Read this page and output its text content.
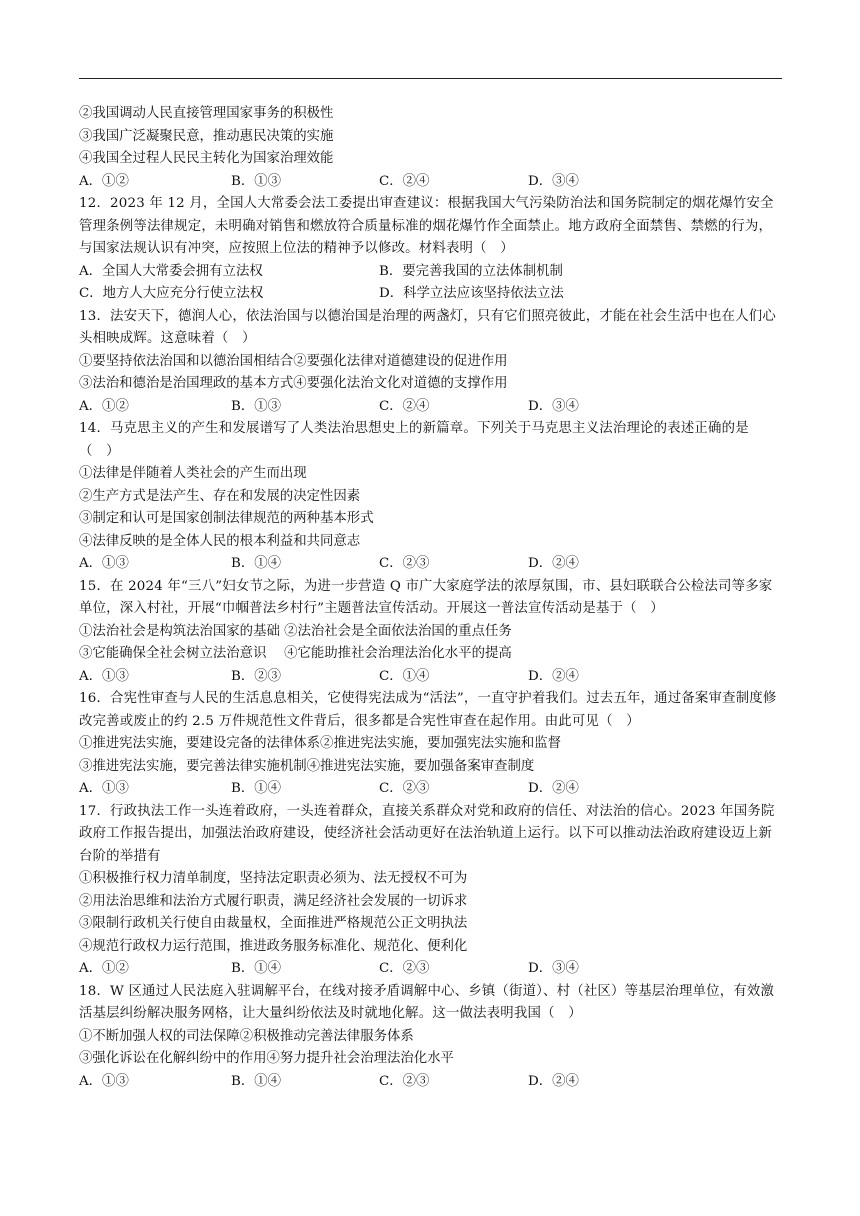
②我国调动人民直接管理国家事务的积极性
③我国广泛凝聚民意，推动惠民决策的实施
④我国全过程人民民主转化为国家治理效能
A．①②	B．①③	C．②④	D．③④
12．2023 年 12 月，全国人大常委会法工委提出审查建议：根据我国大气污染防治法和国务院制定的烟花爆竹安全管理条例等法律规定，未明确对销售和燃放符合质量标准的烟花爆竹作全面禁止。地方政府全面禁售、禁燃的行为，与国家法规认识有冲突，应按照上位法的精神予以修改。材料表明（　）
A．全国人大常委会拥有立法权	B．要完善我国的立法体制机制
C．地方人大应充分行使立法权	D．科学立法应该坚持依法立法
13．法安天下，德润人心，依法治国与以德治国是治理的两盏灯，只有它们照亮彼此，才能在社会生活中也在人们心头相映成辉。这意味着（　）
①要坚持依法治国和以德治国相结合②要强化法律对道德建设的促进作用
③法治和德治是治国理政的基本方式④要强化法治文化对道德的支撑作用
A．①②	B．①③	C．②④	D．③④
14．马克思主义的产生和发展谱写了人类法治思想史上的新篇章。下列关于马克思主义法治理论的表述正确的是（　）
①法律是伴随着人类社会的产生而出现
②生产方式是法产生、存在和发展的决定性因素
③制定和认可是国家创制法律规范的两种基本形式
④法律反映的是全体人民的根本利益和共同意志
A．①③	B．①④	C．②③	D．②④
15．在 2024 年“三八”妇女节之际，为进一步营造 Q 市广大家庭学法的浓厚氛围，市、县妇联联合公检法司等多家单位，深入村社，开展“巾帼普法乡村行”主题普法宣传活动。开展这一普法宣传活动是基于（　）
①法治社会是构筑法治国家的基础 ②法治社会是全面依法治国的重点任务
③它能确保全社会树立法治意识　 ④它能助推社会治理法治化水平的提高
A．①③	B．②③	C．①④	D．②④
16．合宪性审查与人民的生活息息相关，它使得宪法成为“活法”，一直守护着我们。过去五年，通过备案审查制度修改完善或废止的约 2.5 万件规范性文件背后，很多都是合宪性审查在起作用。由此可见（　）
①推进宪法实施，要建设完备的法律体系②推进宪法实施，要加强宪法实施和监督
③推进宪法实施，要完善法律实施机制④推进宪法实施，要加强备案审查制度
A．①③	B．①④	C．②③	D．②④
17．行政执法工作一头连着政府，一头连着群众，直接关系群众对党和政府的信任、对法治的信心。2023 年国务院政府工作报告提出，加强法治政府建设，使经济社会活动更好在法治轨道上运行。以下可以推动法治政府建设迈上新台阶的举措有
①积极推行权力清单制度，坚持法定职责必须为、法无授权不可为
②用法治思维和法治方式履行职责，满足经济社会发展的一切诉求
③限制行政机关行使自由裁量权，全面推进严格规范公正文明执法
④规范行政权力运行范围，推进政务服务标准化、规范化、便利化
A．①②	B．①④	C．②③	D．③④
18．W 区通过人民法庭入驻调解平台，在线对接矛盾调解中心、乡镇（街道）、村（社区）等基层治理单位，有效激活基层纠纷解决服务网格，让大量纠纷依法及时就地化解。这一做法表明我国（　）
①不断加强人权的司法保障②积极推动完善法律服务体系
③强化诉讼在化解纠纷中的作用④努力提升社会治理法治化水平
A．①③	B．①④	C．②③	D．②④
